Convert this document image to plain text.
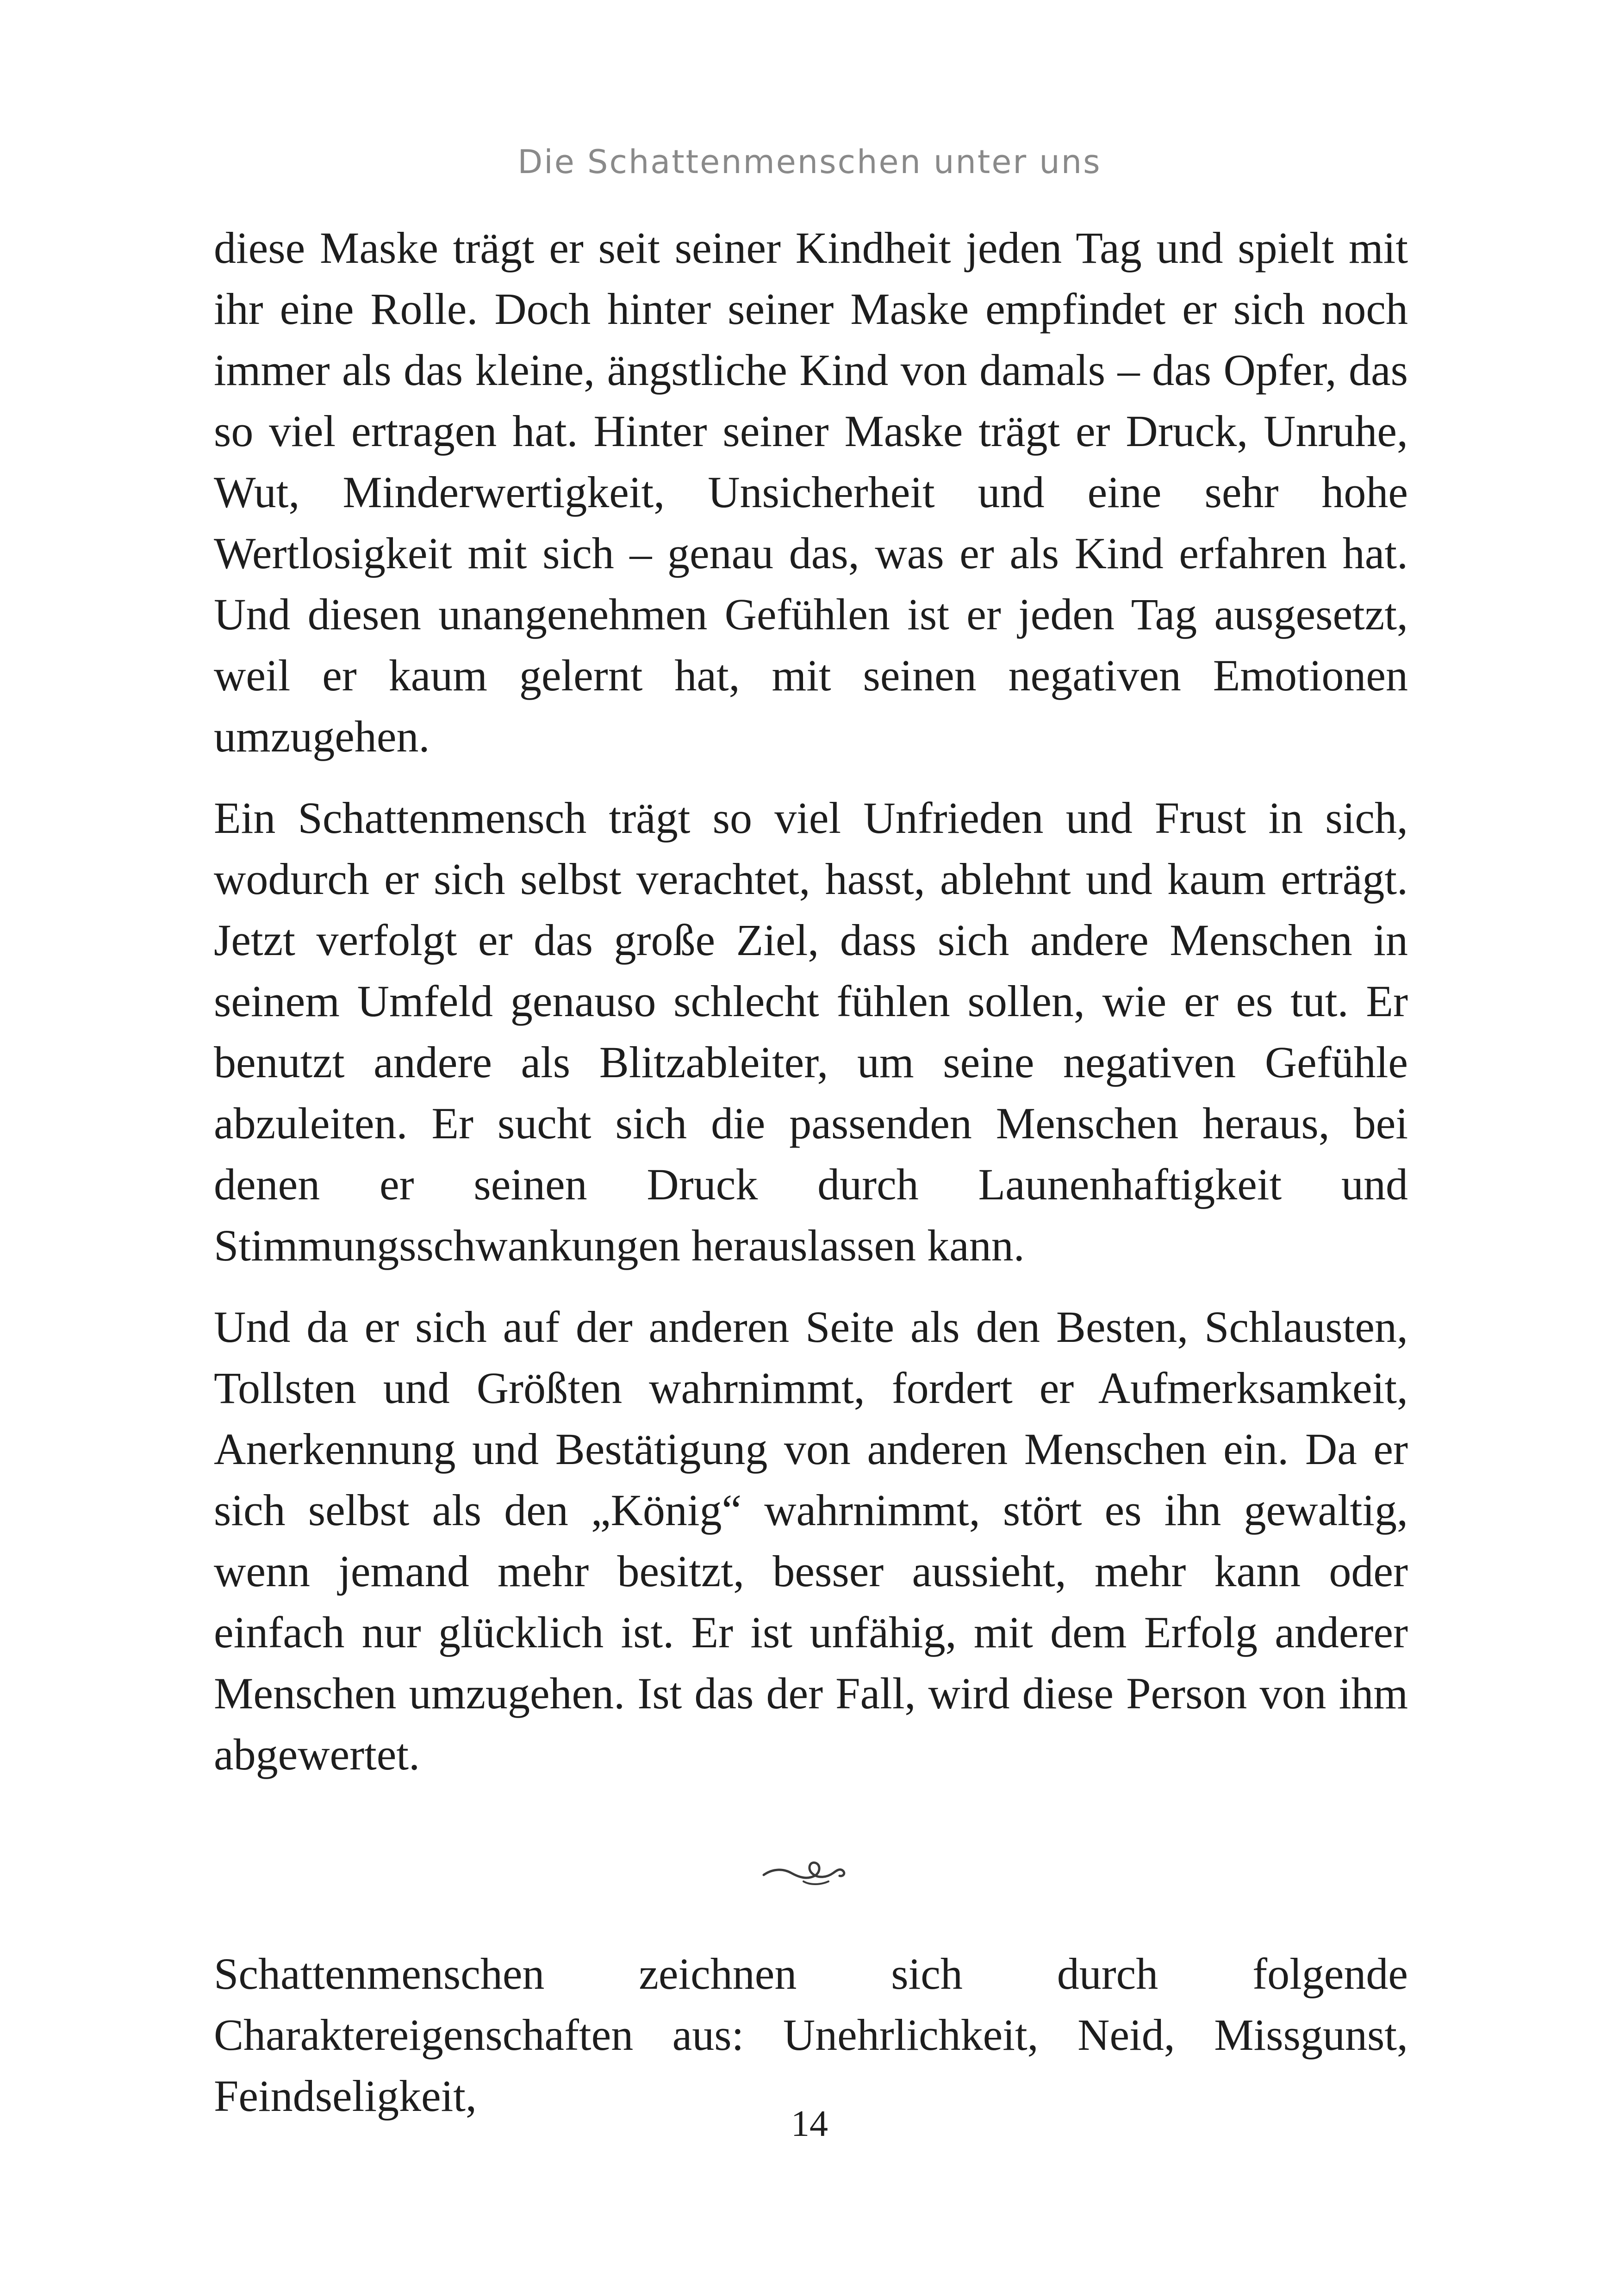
Die Schattenmenschen unter uns

diese Maske trägt er seit seiner Kindheit jeden Tag und spielt mit ihr eine Rolle. Doch hinter seiner Maske empfindet er sich noch immer als das kleine, ängstliche Kind von damals – das Opfer, das so viel ertragen hat. Hinter seiner Maske trägt er Druck, Unruhe, Wut, Minderwertigkeit, Unsicherheit und eine sehr hohe Wertlosigkeit mit sich – genau das, was er als Kind erfahren hat. Und diesen unangenehmen Gefühlen ist er jeden Tag ausgesetzt, weil er kaum gelernt hat, mit seinen negativen Emotionen umzugehen.

Ein Schattenmensch trägt so viel Unfrieden und Frust in sich, wodurch er sich selbst verachtet, hasst, ablehnt und kaum erträgt. Jetzt verfolgt er das große Ziel, dass sich andere Menschen in seinem Umfeld genauso schlecht fühlen sollen, wie er es tut. Er benutzt andere als Blitzableiter, um seine negativen Gefühle abzuleiten. Er sucht sich die passenden Menschen heraus, bei denen er seinen Druck durch Launenhaftigkeit und Stimmungsschwankungen herauslassen kann.

Und da er sich auf der anderen Seite als den Besten, Schlausten, Tollsten und Größten wahrnimmt, fordert er Aufmerksamkeit, Anerkennung und Bestätigung von anderen Menschen ein. Da er sich selbst als den „König“ wahrnimmt, stört es ihn gewaltig, wenn jemand mehr besitzt, besser aussieht, mehr kann oder einfach nur glücklich ist. Er ist unfähig, mit dem Erfolg anderer Menschen umzugehen. Ist das der Fall, wird diese Person von ihm abgewertet.

Schattenmenschen zeichnen sich durch folgende Charaktereigenschaften aus: Unehrlichkeit, Neid, Missgunst, Feindseligkeit,

14
